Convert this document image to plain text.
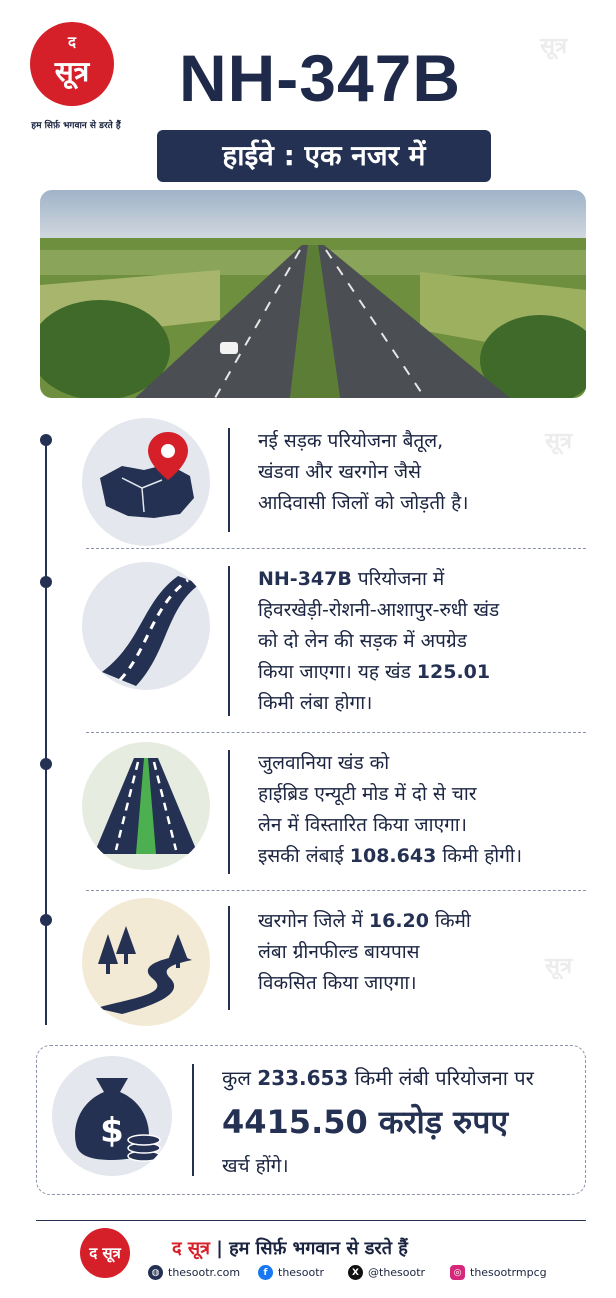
सूत्र
सूत्र
सूत्र
द
सूत्र
हम सिर्फ़ भगवान से डरते हैं
NH-347B
हाईवे : एक नजर में
नई सड़क परियोजना बैतूल,
खंडवा और खरगोन जैसे
आदिवासी जिलों को जोड़ती है।
NH-347B परियोजना में
हिवरखेड़ी-रोशनी-आशापुर-रुधी खंड
को दो लेन की सड़क में अपग्रेड
किया जाएगा। यह खंड 125.01
किमी लंबा होगा।
जुलवानिया खंड को
हाईब्रिड एन्यूटी मोड में दो से चार
लेन में विस्तारित किया जाएगा।
इसकी लंबाई 108.643 किमी होगी।
खरगोन जिले में 16.20 किमी
लंबा ग्रीनफील्ड बायपास
विकसित किया जाएगा।
$
कुल 233.653 किमी लंबी परियोजना पर
4415.50 करोड़ रुपए
खर्च होंगे।
द सूत्र	द सूत्र | हम सिर्फ़ भगवान से डरते हैं
◍ thesootr.com	f thesootr	X @thesootr	◎ thesootrmpcg
